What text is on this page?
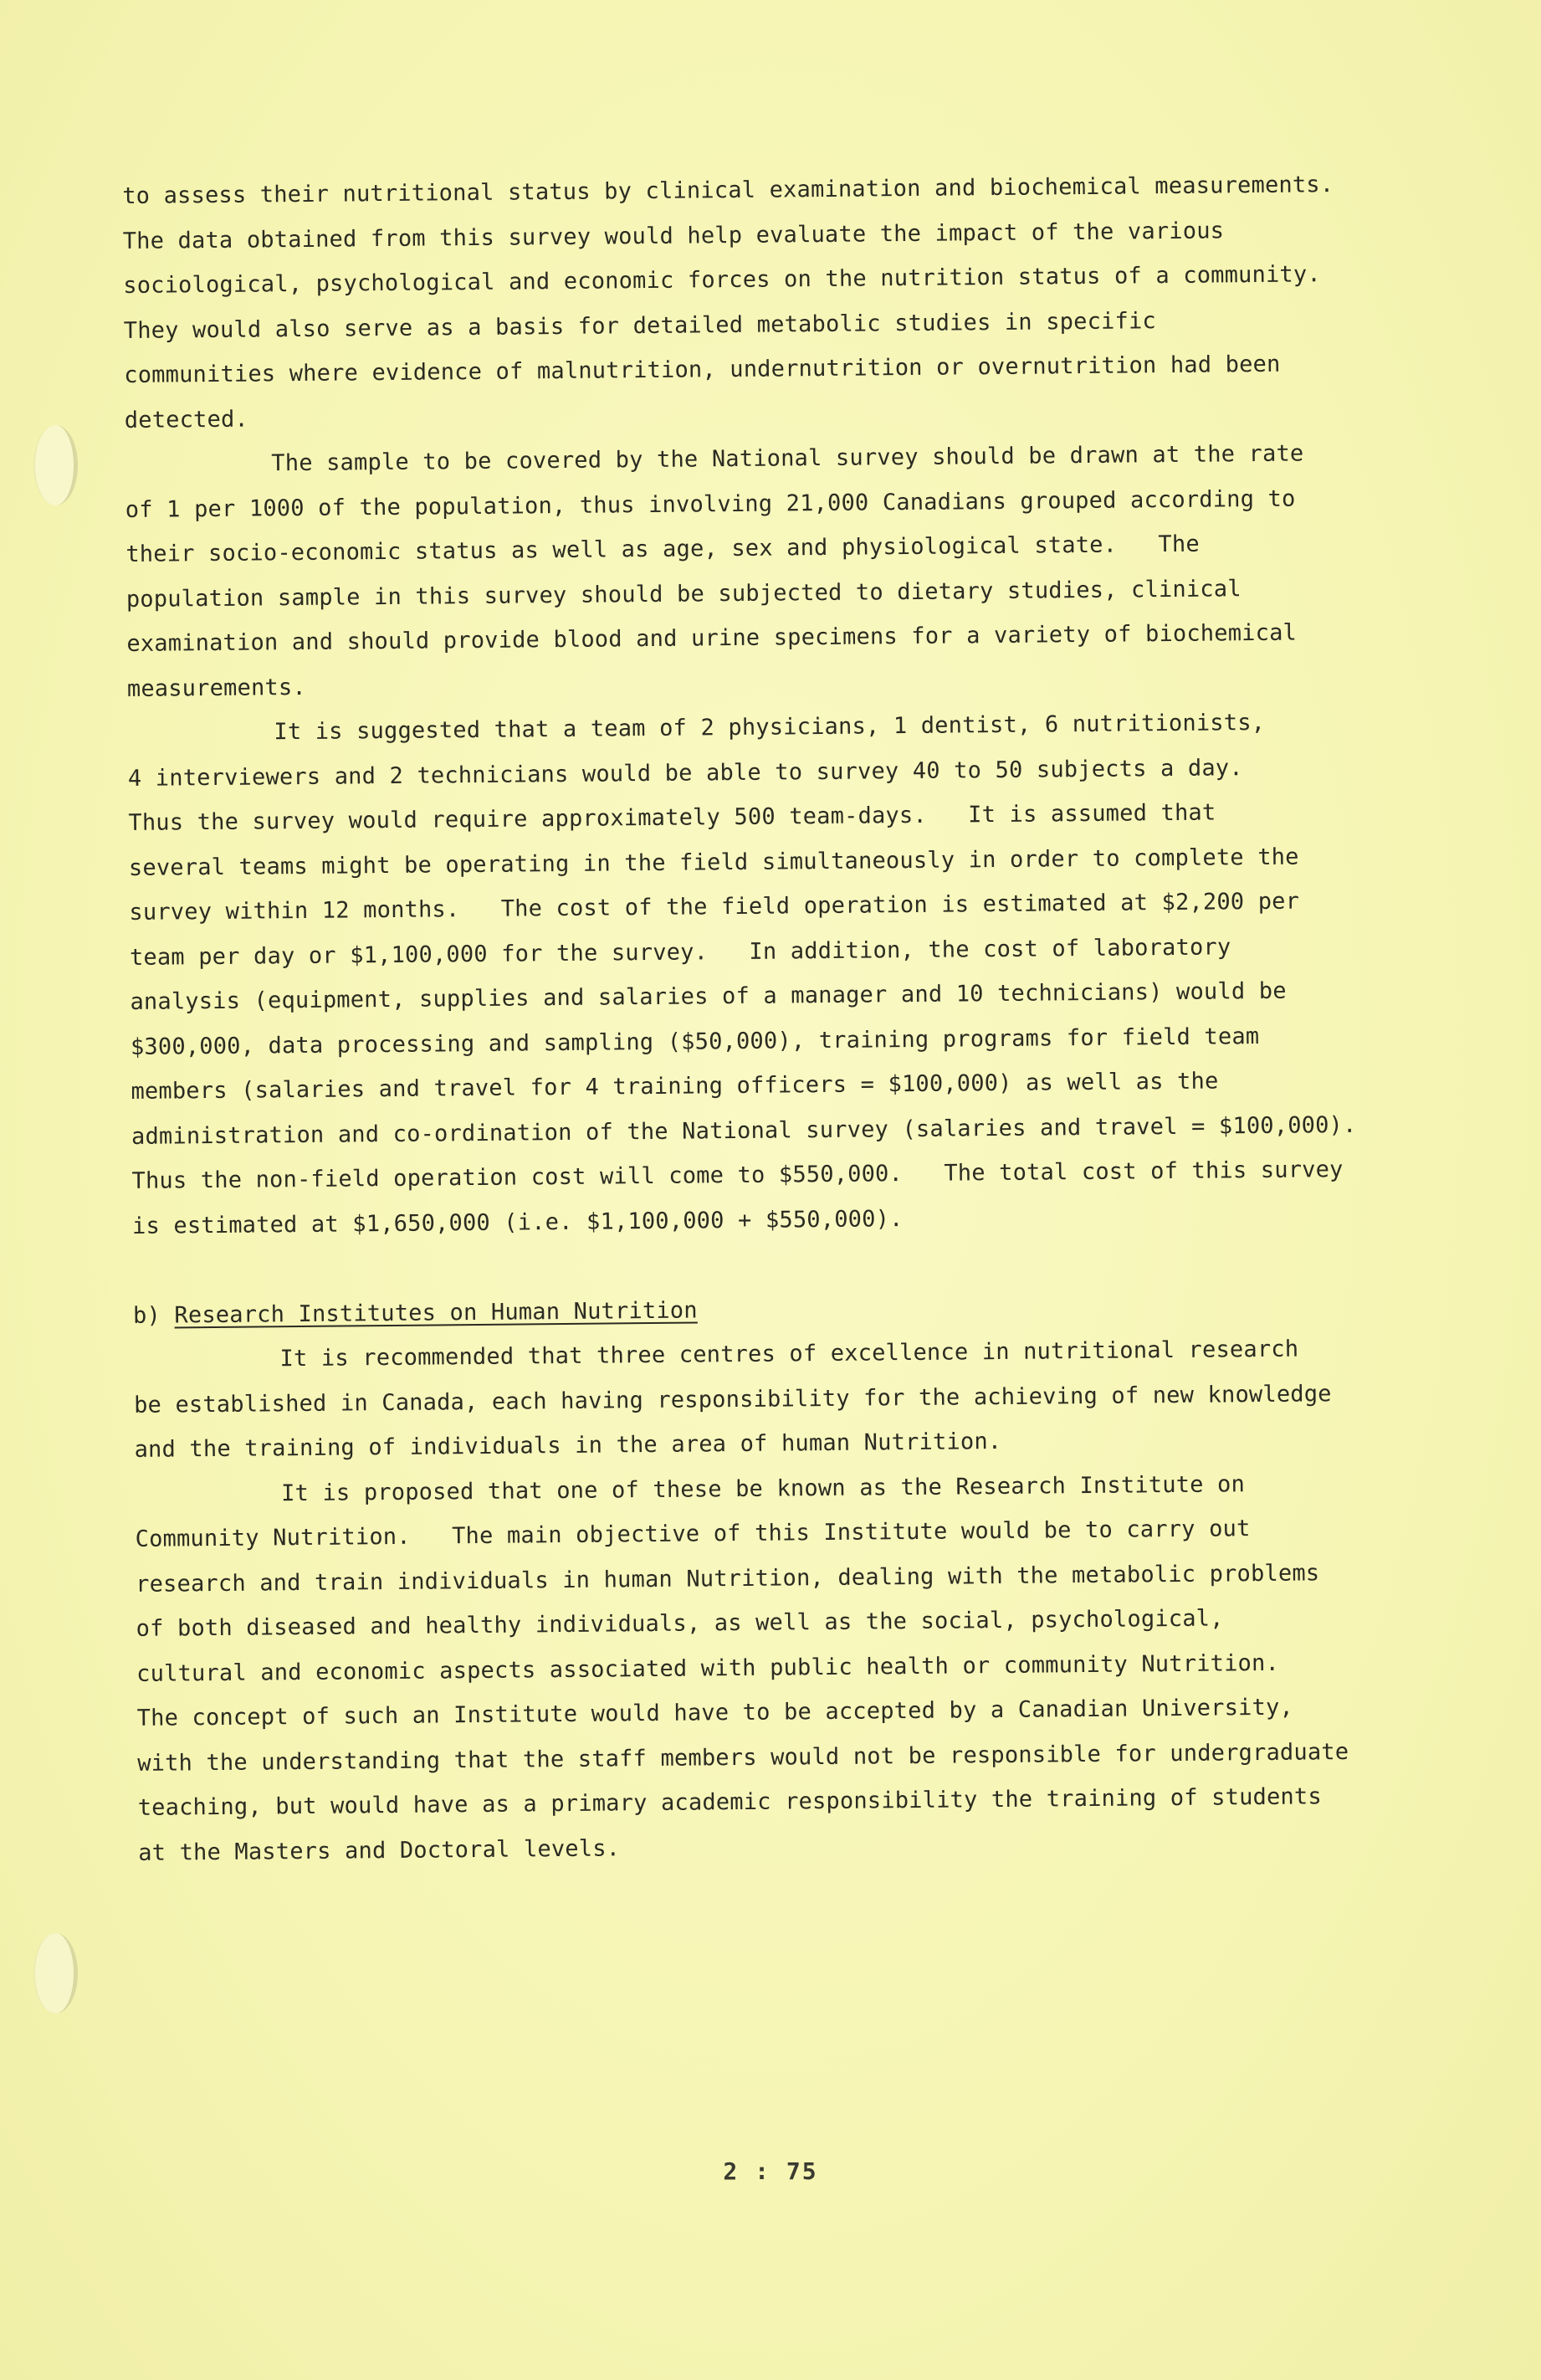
to assess their nutritional status by clinical examination and biochemical measurements.
The data obtained from this survey would help evaluate the impact of the various
sociological, psychological and economic forces on the nutrition status of a community.
They would also serve as a basis for detailed metabolic studies in specific
communities where evidence of malnutrition, undernutrition or overnutrition had been
detected.
The sample to be covered by the National survey should be drawn at the rate
of 1 per 1000 of the population, thus involving 21,000 Canadians grouped according to
their socio-economic status as well as age, sex and physiological state.   The
population sample in this survey should be subjected to dietary studies, clinical
examination and should provide blood and urine specimens for a variety of biochemical
measurements.
It is suggested that a team of 2 physicians, 1 dentist, 6 nutritionists,
4 interviewers and 2 technicians would be able to survey 40 to 50 subjects a day.
Thus the survey would require approximately 500 team-days.   It is assumed that
several teams might be operating in the field simultaneously in order to complete the
survey within 12 months.   The cost of the field operation is estimated at $2,200 per
team per day or $1,100,000 for the survey.   In addition, the cost of laboratory
analysis (equipment, supplies and salaries of a manager and 10 technicians) would be
$300,000, data processing and sampling ($50,000), training programs for field team
members (salaries and travel for 4 training officers = $100,000) as well as the
administration and co-ordination of the National survey (salaries and travel = $100,000).
Thus the non-field operation cost will come to $550,000.   The total cost of this survey
is estimated at $1,650,000 (i.e. $1,100,000 + $550,000).
b) Research Institutes on Human Nutrition
It is recommended that three centres of excellence in nutritional research
be established in Canada, each having responsibility for the achieving of new knowledge
and the training of individuals in the area of human Nutrition.
It is proposed that one of these be known as the Research Institute on
Community Nutrition.   The main objective of this Institute would be to carry out
research and train individuals in human Nutrition, dealing with the metabolic problems
of both diseased and healthy individuals, as well as the social, psychological,
cultural and economic aspects associated with public health or community Nutrition.
The concept of such an Institute would have to be accepted by a Canadian University,
with the understanding that the staff members would not be responsible for undergraduate
teaching, but would have as a primary academic responsibility the training of students
at the Masters and Doctoral levels.
2 : 75
